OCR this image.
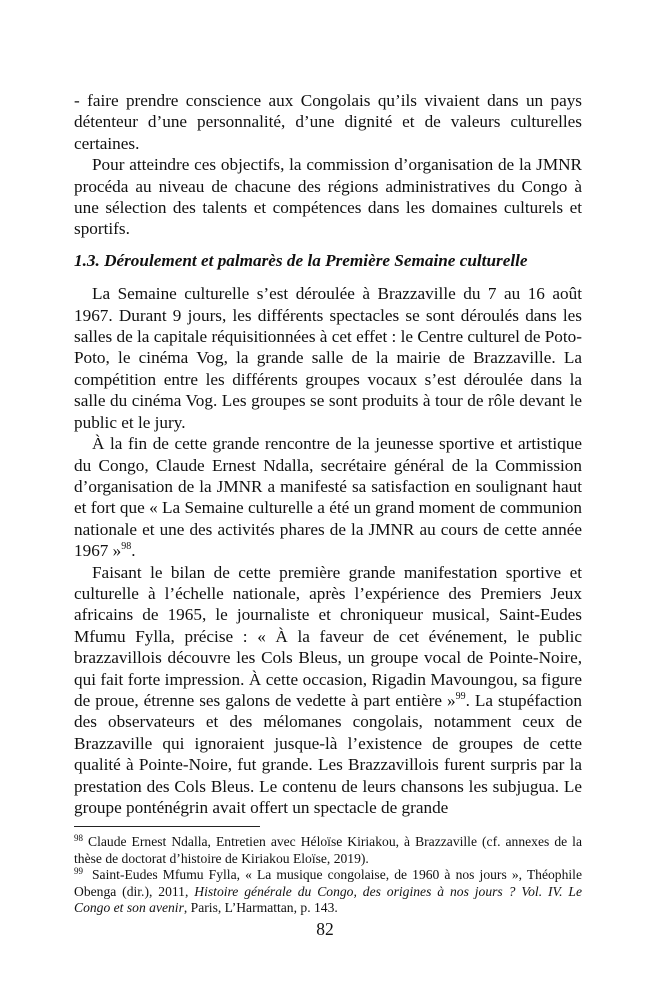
- faire prendre conscience aux Congolais qu’ils vivaient dans un pays détenteur d’une personnalité, d’une dignité et de valeurs culturelles certaines.

Pour atteindre ces objectifs, la commission d’organisation de la JMNR procéda au niveau de chacune des régions administratives du Congo à une sélection des talents et compétences dans les domaines culturels et sportifs.

1.3. Déroulement et palmarès de la Première Semaine culturelle

La Semaine culturelle s’est déroulée à Brazzaville du 7 au 16 août 1967. Durant 9 jours, les différents spectacles se sont déroulés dans les salles de la capitale réquisitionnées à cet effet : le Centre culturel de Poto-Poto, le cinéma Vog, la grande salle de la mairie de Brazzaville. La compétition entre les différents groupes vocaux s’est déroulée dans la salle du cinéma Vog. Les groupes se sont produits à tour de rôle devant le public et le jury.

À la fin de cette grande rencontre de la jeunesse sportive et artistique du Congo, Claude Ernest Ndalla, secrétaire général de la Commission d’organisation de la JMNR a manifesté sa satisfaction en soulignant haut et fort que « La Semaine culturelle a été un grand moment de communion nationale et une des activités phares de la JMNR au cours de cette année 1967 »$^{98}$.

Faisant le bilan de cette première grande manifestation sportive et culturelle à l’échelle nationale, après l’expérience des Premiers Jeux africains de 1965, le journaliste et chroniqueur musical, Saint-Eudes Mfumu Fylla, précise : « À la faveur de cet événement, le public brazzavillois découvre les Cols Bleus, un groupe vocal de Pointe-Noire, qui fait forte impression. À cette occasion, Rigadin Mavoungou, sa figure de proue, étrenne ses galons de vedette à part entière »$^{99}$. La stupéfaction des observateurs et des mélomanes congolais, notamment ceux de Brazzaville qui ignoraient jusque-là l’existence de groupes de cette qualité à Pointe-Noire, fut grande. Les Brazzavillois furent surpris par la prestation des Cols Bleus. Le contenu de leurs chansons les subjugua. Le groupe ponténégrin avait offert un spectacle de grande

$^{98}$ Claude Ernest Ndalla, Entretien avec Héloïse Kiriakou, à Brazzaville (cf. annexes de la thèse de doctorat d’histoire de Kiriakou Eloïse, 2019).

$^{99}$ Saint-Eudes Mfumu Fylla, « La musique congolaise, de 1960 à nos jours », Théophile Obenga (dir.), 2011, Histoire générale du Congo, des origines à nos jours ? Vol. IV. Le Congo et son avenir, Paris, L’Harmattan, p. 143.

82
